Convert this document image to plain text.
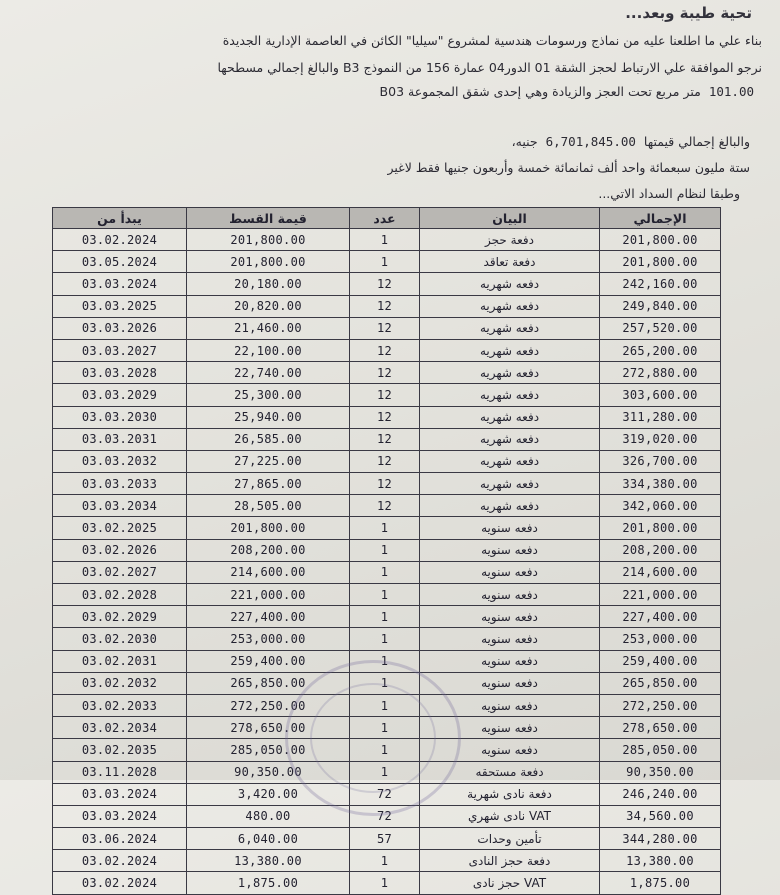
تحية طيبة وبعد...
بناء علي ما اطلعنا عليه من نماذج ورسومات هندسية لمشروع "سيليا" الكائن في العاصمة الإدارية الجديدة
نرجو الموافقة علي الارتباط لحجز الشقة 01 الدور04 عمارة 156 من النموذج B3 والبالغ إجمالي مسطحها
101.00متر مربع تحت العجز والزيادة وهي إحدى شقق المجموعة B03
والبالغ إجمالي قيمتها6,701,845.00جنيه،
ستة مليون سبعمائة واحد ألف ثمانمائة خمسة وأربعون جنيها فقط لاغير
وطبقا لنظام السداد الاتي...
يبدأ من	قيمة القسط	عدد	البيان	الإجمالي
03.02.2024	201,800.00	1	دفعة حجز	201,800.00
03.05.2024	201,800.00	1	دفعة تعاقد	201,800.00
03.03.2024	20,180.00	12	دفعه شهريه	242,160.00
03.03.2025	20,820.00	12	دفعه شهريه	249,840.00
03.03.2026	21,460.00	12	دفعه شهريه	257,520.00
03.03.2027	22,100.00	12	دفعه شهريه	265,200.00
03.03.2028	22,740.00	12	دفعه شهريه	272,880.00
03.03.2029	25,300.00	12	دفعه شهريه	303,600.00
03.03.2030	25,940.00	12	دفعه شهريه	311,280.00
03.03.2031	26,585.00	12	دفعه شهريه	319,020.00
03.03.2032	27,225.00	12	دفعه شهريه	326,700.00
03.03.2033	27,865.00	12	دفعه شهريه	334,380.00
03.03.2034	28,505.00	12	دفعه شهريه	342,060.00
03.02.2025	201,800.00	1	دفعه سنويه	201,800.00
03.02.2026	208,200.00	1	دفعه سنويه	208,200.00
03.02.2027	214,600.00	1	دفعه سنويه	214,600.00
03.02.2028	221,000.00	1	دفعه سنويه	221,000.00
03.02.2029	227,400.00	1	دفعه سنويه	227,400.00
03.02.2030	253,000.00	1	دفعه سنويه	253,000.00
03.02.2031	259,400.00	1	دفعه سنويه	259,400.00
03.02.2032	265,850.00	1	دفعه سنويه	265,850.00
03.02.2033	272,250.00	1	دفعه سنويه	272,250.00
03.02.2034	278,650.00	1	دفعه سنويه	278,650.00
03.02.2035	285,050.00	1	دفعه سنويه	285,050.00
03.11.2028	90,350.00	1	دفعة مستحقه	90,350.00
03.03.2024	3,420.00	72	دفعة نادى شهرية	246,240.00
03.03.2024	480.00	72	VAT نادى شهري	34,560.00
03.06.2024	6,040.00	57	تأمين وحدات	344,280.00
03.02.2024	13,380.00	1	دفعة حجز النادى	13,380.00
03.02.2024	1,875.00	1	VAT حجز نادى	1,875.00
